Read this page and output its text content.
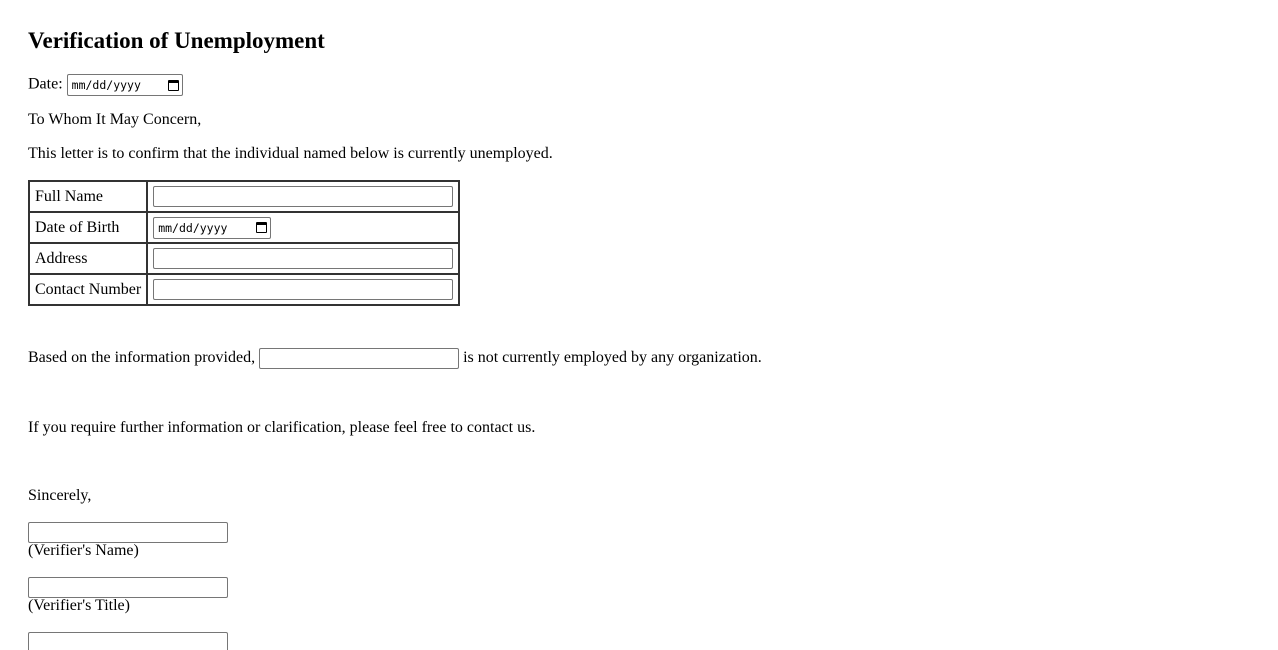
Verification of Unemployment
Date: mm/dd/yyyy
To Whom It May Concern,
This letter is to confirm that the individual named below is currently unemployed.
Full Name	
Date of Birth	mm/dd/yyyy

Address	
Contact Number	
Based on the information provided,	is not currently employed by any organization.
If you require further information or clarification, please feel free to contact us.
Sincerely,
(Verifier's Name)
(Verifier's Title)
